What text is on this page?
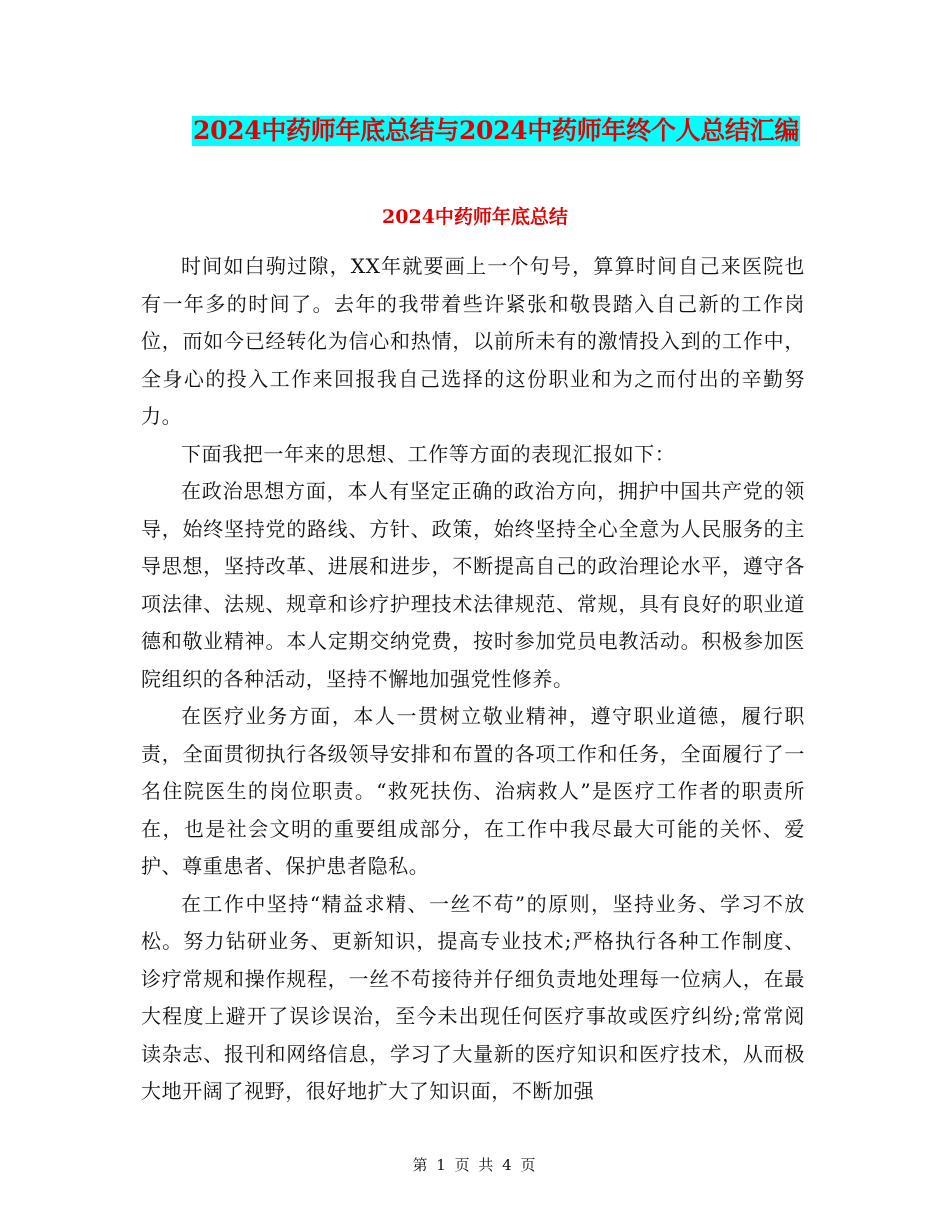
2024中药师年底总结与2024中药师年终个人总结汇编
2024中药师年底总结

时间如白驹过隙，XX年就要画上一个句号，算算时间自己来医院也有一年多的时间了。去年的我带着些许紧张和敬畏踏入自己新的工作岗位，而如今已经转化为信心和热情，以前所未有的激情投入到的工作中，全身心的投入工作来回报我自己选择的这份职业和为之而付出的辛勤努力。

下面我把一年来的思想、工作等方面的表现汇报如下：

在政治思想方面，本人有坚定正确的政治方向，拥护中国共产党的领导，始终坚持党的路线、方针、政策，始终坚持全心全意为人民服务的主导思想，坚持改革、进展和进步，不断提高自己的政治理论水平，遵守各项法律、法规、规章和诊疗护理技术法律规范、常规，具有良好的职业道德和敬业精神。本人定期交纳党费，按时参加党员电教活动。积极参加医院组织的各种活动，坚持不懈地加强党性修养。

在医疗业务方面，本人一贯树立敬业精神，遵守职业道德，履行职责，全面贯彻执行各级领导安排和布置的各项工作和任务，全面履行了一名住院医生的岗位职责。“救死扶伤、治病救人”是医疗工作者的职责所在，也是社会文明的重要组成部分，在工作中我尽最大可能的关怀、爱护、尊重患者、保护患者隐私。

在工作中坚持“精益求精、一丝不苟”的原则，坚持业务、学习不放松。努力钻研业务、更新知识，提高专业技术;严格执行各种工作制度、诊疗常规和操作规程，一丝不苟接待并仔细负责地处理每一位病人，在最大程度上避开了误诊误治，至今未出现任何医疗事故或医疗纠纷;常常阅读杂志、报刊和网络信息，学习了大量新的医疗知识和医疗技术，从而极大地开阔了视野，很好地扩大了知识面，不断加强

第 1 页 共 4 页
